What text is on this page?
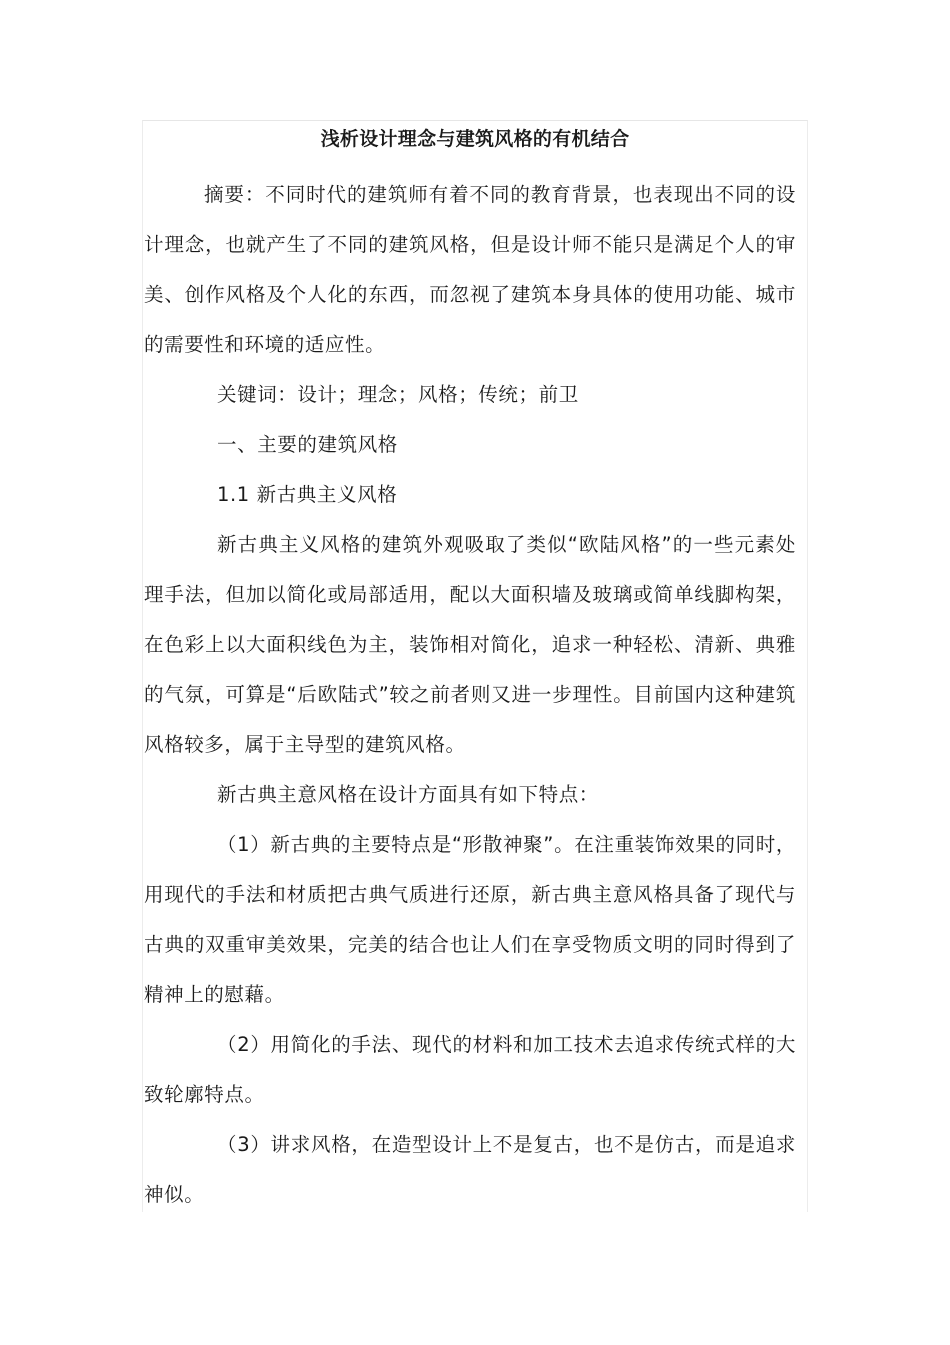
浅析设计理念与建筑风格的有机结合

摘要：不同时代的建筑师有着不同的教育背景，也表现出不同的设计理念，也就产生了不同的建筑风格，但是设计师不能只是满足个人的审美、创作风格及个人化的东西，而忽视了建筑本身具体的使用功能、城市的需要性和环境的适应性。

关键词：设计；理念；风格；传统；前卫

一、主要的建筑风格

1.1 新古典主义风格

新古典主义风格的建筑外观吸取了类似“欧陆风格”的一些元素处理手法，但加以简化或局部适用，配以大面积墙及玻璃或简单线脚构架，在色彩上以大面积线色为主，装饰相对简化，追求一种轻松、清新、典雅的气氛，可算是“后欧陆式”较之前者则又进一步理性。目前国内这种建筑风格较多，属于主导型的建筑风格。

新古典主意风格在设计方面具有如下特点：

（1）新古典的主要特点是“形散神聚”。在注重装饰效果的同时，用现代的手法和材质把古典气质进行还原，新古典主意风格具备了现代与古典的双重审美效果，完美的结合也让人们在享受物质文明的同时得到了精神上的慰藉。

（2）用简化的手法、现代的材料和加工技术去追求传统式样的大致轮廓特点。

（3）讲求风格，在造型设计上不是复古，也不是仿古，而是追求神似。
